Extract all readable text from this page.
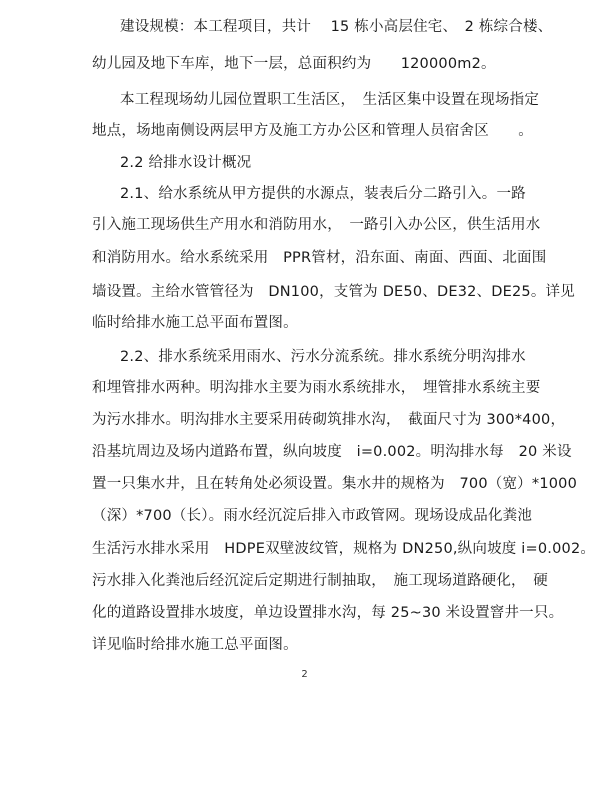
建设规模：本工程项目，共计　 15 栋小高层住宅、　2 栋综合楼、
幼儿园及地下车库，地下一层，总面积约为　　120000m2。
本工程现场幼儿园位置职工生活区，　生活区集中设置在现场指定
地点，场地南侧设两层甲方及施工方办公区和管理人员宿舍区　　。
2.2 给排水设计概况
2.1、给水系统从甲方提供的水源点，装表后分二路引入。一路
引入施工现场供生产用水和消防用水，　一路引入办公区，供生活用水
和消防用水。给水系统采用　PPR管材，沿东面、南面、西面、北面围
墙设置。主给水管管径为　DN100，支管为 DE50、DE32、DE25。详见
临时给排水施工总平面布置图。
2.2、排水系统采用雨水、污水分流系统。排水系统分明沟排水
和埋管排水两种。明沟排水主要为雨水系统排水，　埋管排水系统主要
为污水排水。明沟排水主要采用砖砌筑排水沟，　截面尺寸为 300*400，
沿基坑周边及场内道路布置，纵向坡度　i=0.002。明沟排水每　20 米设
置一只集水井，且在转角处必须设置。集水井的规格为　700（宽）*1000
（深）*700（长）。雨水经沉淀后排入市政管网。现场设成品化粪池
生活污水排水采用　HDPE双壁波纹管，规格为 DN250,纵向坡度 i=0.002。
污水排入化粪池后经沉淀后定期进行制抽取，　施工现场道路硬化，　硬
化的道路设置排水坡度，单边设置排水沟，每 25~30 米设置窨井一只。
详见临时给排水施工总平面图。
2
